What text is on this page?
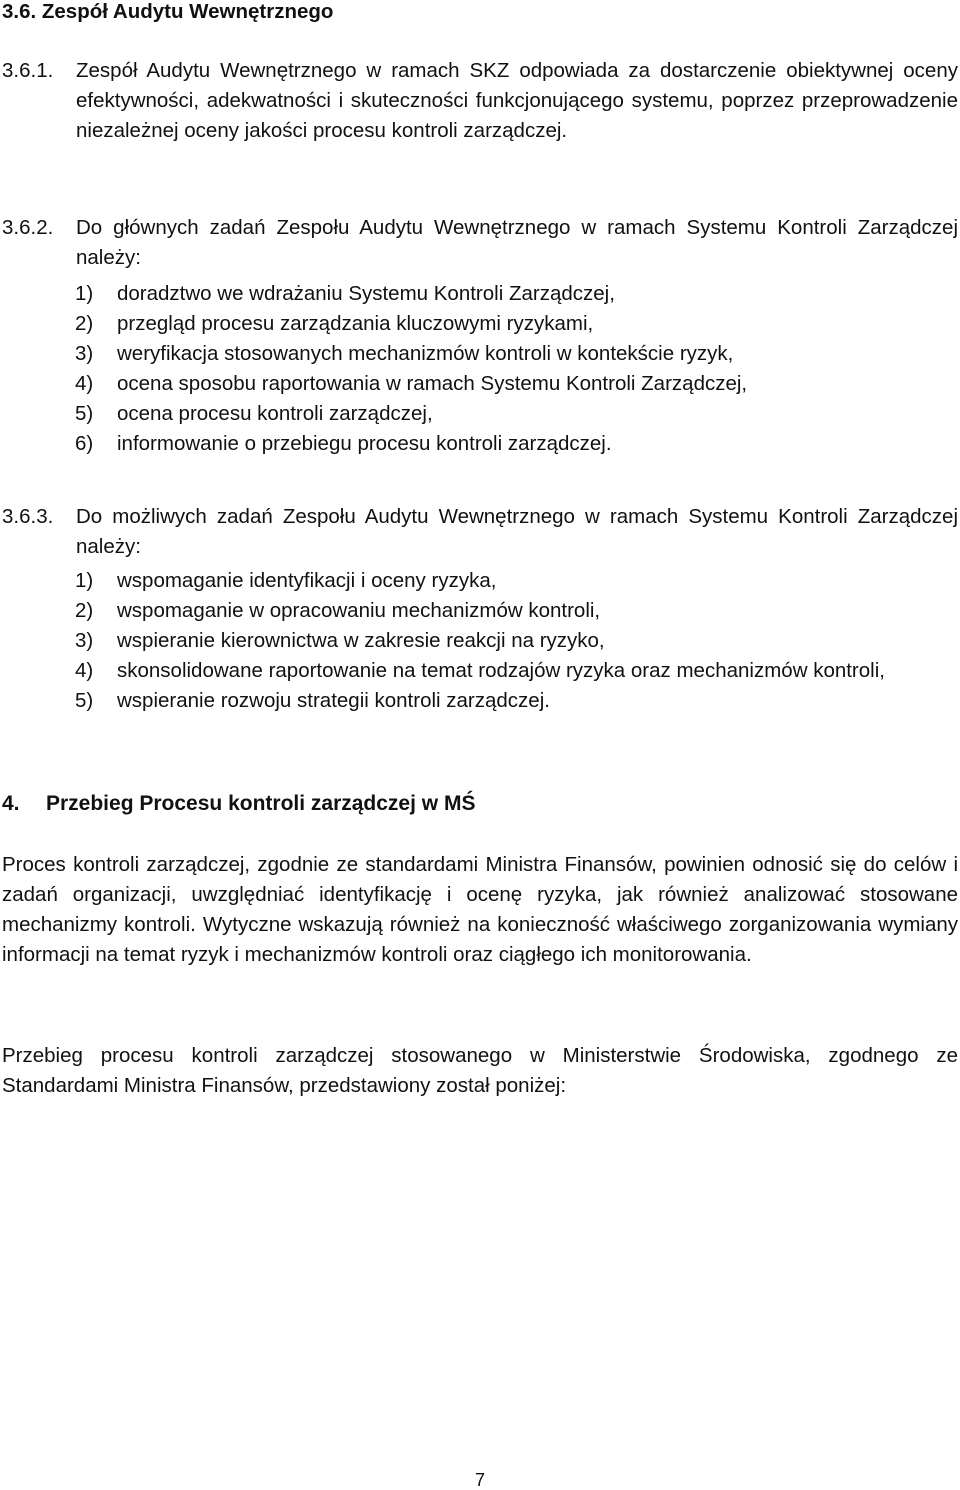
3.6. Zespół Audytu Wewnętrznego
3.6.1.	Zespół Audytu Wewnętrznego w ramach SKZ odpowiada za dostarczenie obiektywnej oceny efektywności, adekwatności i skuteczności funkcjonującego systemu, poprzez przeprowadzenie niezależnej oceny jakości procesu kontroli zarządczej.
3.6.2.	Do głównych zadań Zespołu Audytu Wewnętrznego w ramach Systemu Kontroli Zarządczej należy:
1) doradztwo we wdrażaniu Systemu Kontroli Zarządczej,
2) przegląd procesu zarządzania kluczowymi ryzykami,
3) weryfikacja stosowanych mechanizmów kontroli w kontekście ryzyk,
4) ocena sposobu raportowania w ramach Systemu Kontroli Zarządczej,
5) ocena procesu kontroli zarządczej,
6) informowanie o przebiegu procesu kontroli zarządczej.
3.6.3.	Do możliwych zadań Zespołu Audytu Wewnętrznego w ramach Systemu Kontroli Zarządczej należy:
1) wspomaganie identyfikacji i oceny ryzyka,
2) wspomaganie w opracowaniu mechanizmów kontroli,
3) wspieranie kierownictwa w zakresie reakcji na ryzyko,
4) skonsolidowane raportowanie na temat rodzajów ryzyka oraz mechanizmów kontroli,
5) wspieranie rozwoju strategii kontroli zarządczej.
4. Przebieg Procesu kontroli zarządczej w MŚ

Proces kontroli zarządczej, zgodnie ze standardami Ministra Finansów, powinien odnosić się do celów i zadań organizacji, uwzględniać identyfikację i ocenę ryzyka, jak również analizować stosowane mechanizmy kontroli. Wytyczne wskazują również na konieczność właściwego zorganizowania wymiany informacji na temat ryzyk i mechanizmów kontroli oraz ciągłego ich monitorowania.

Przebieg procesu kontroli zarządczej stosowanego w Ministerstwie Środowiska, zgodnego ze Standardami Ministra Finansów, przedstawiony został poniżej:

7
